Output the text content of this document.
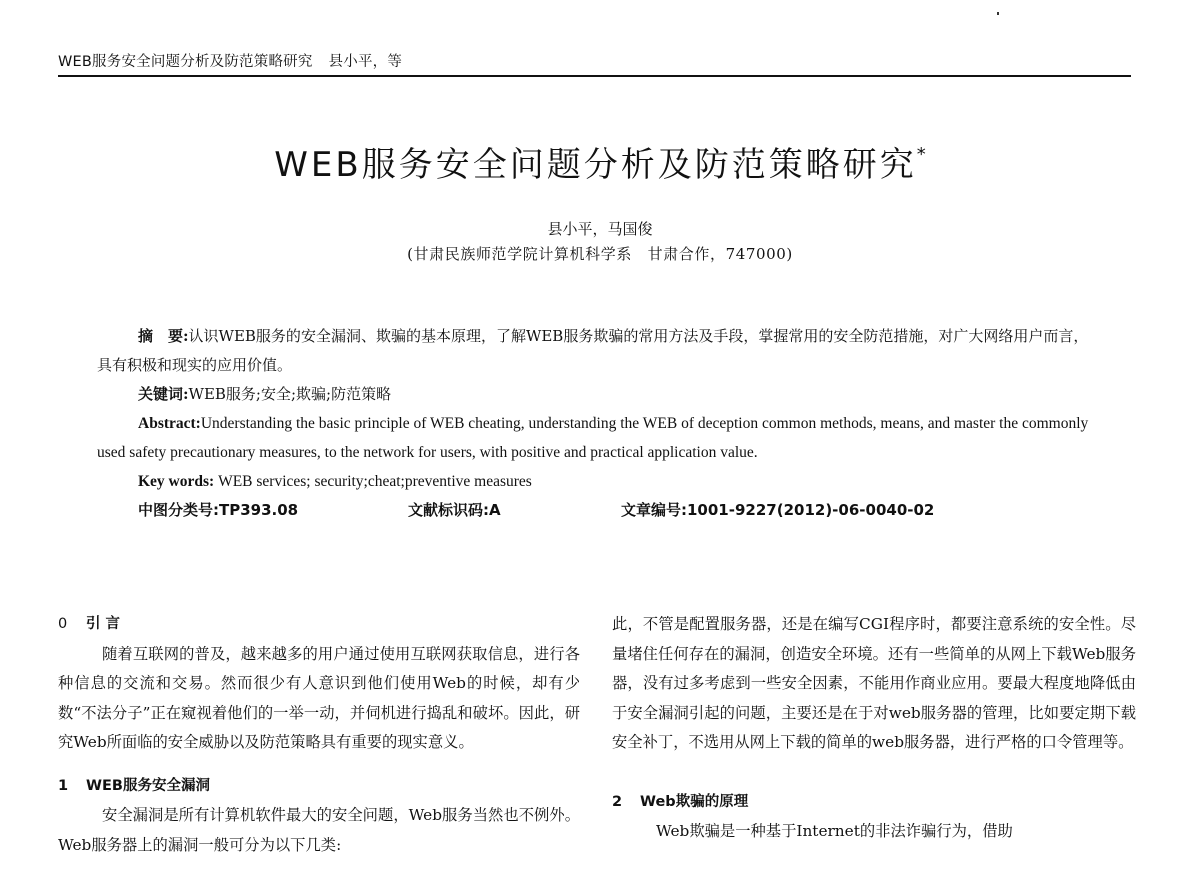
WEB服务安全问题分析及防范策略研究 县小平，等
WEB服务安全问题分析及防范策略研究*
县小平，马国俊
(甘肃民族师范学院计算机科学系　甘肃合作，747000)

摘　要:认识WEB服务的安全漏洞、欺骗的基本原理，了解WEB服务欺骗的常用方法及手段，掌握常用的安全防范措施，对广大网络用户而言，具有积极和现实的应用价值。

关键词:WEB服务;安全;欺骗;防范策略

Abstract:Understanding the basic principle of WEB cheating, understanding the WEB of deception common methods, means, and master the commonly used safety precautionary measures, to the network for users, with positive and practical application value.

Key words: WEB services; security;cheat;preventive measures

中图分类号:TP393.08	文献标识码:A	文章编号:1001-9227(2012)-06-0040-02

0 引 言

随着互联网的普及，越来越多的用户通过使用互联网获取信息，进行各种信息的交流和交易。然而很少有人意识到他们使用Web的时候，却有少数“不法分子”正在窥视着他们的一举一动，并伺机进行捣乱和破坏。因此，研究Web所面临的安全威胁以及防范策略具有重要的现实意义。

1 WEB服务安全漏洞

安全漏洞是所有计算机软件最大的安全问题，Web服务当然也不例外。Web服务器上的漏洞一般可分为以下几类:

此，不管是配置服务器，还是在编写CGI程序时，都要注意系统的安全性。尽量堵住任何存在的漏洞，创造安全环境。还有一些简单的从网上下载Web服务器，没有过多考虑到一些安全因素，不能用作商业应用。要最大程度地降低由于安全漏洞引起的问题，主要还是在于对web服务器的管理，比如要定期下载安全补丁，不选用从网上下载的简单的web服务器，进行严格的口令管理等。

2 Web欺骗的原理

Web欺骗是一种基于Internet的非法诈骗行为，借助
